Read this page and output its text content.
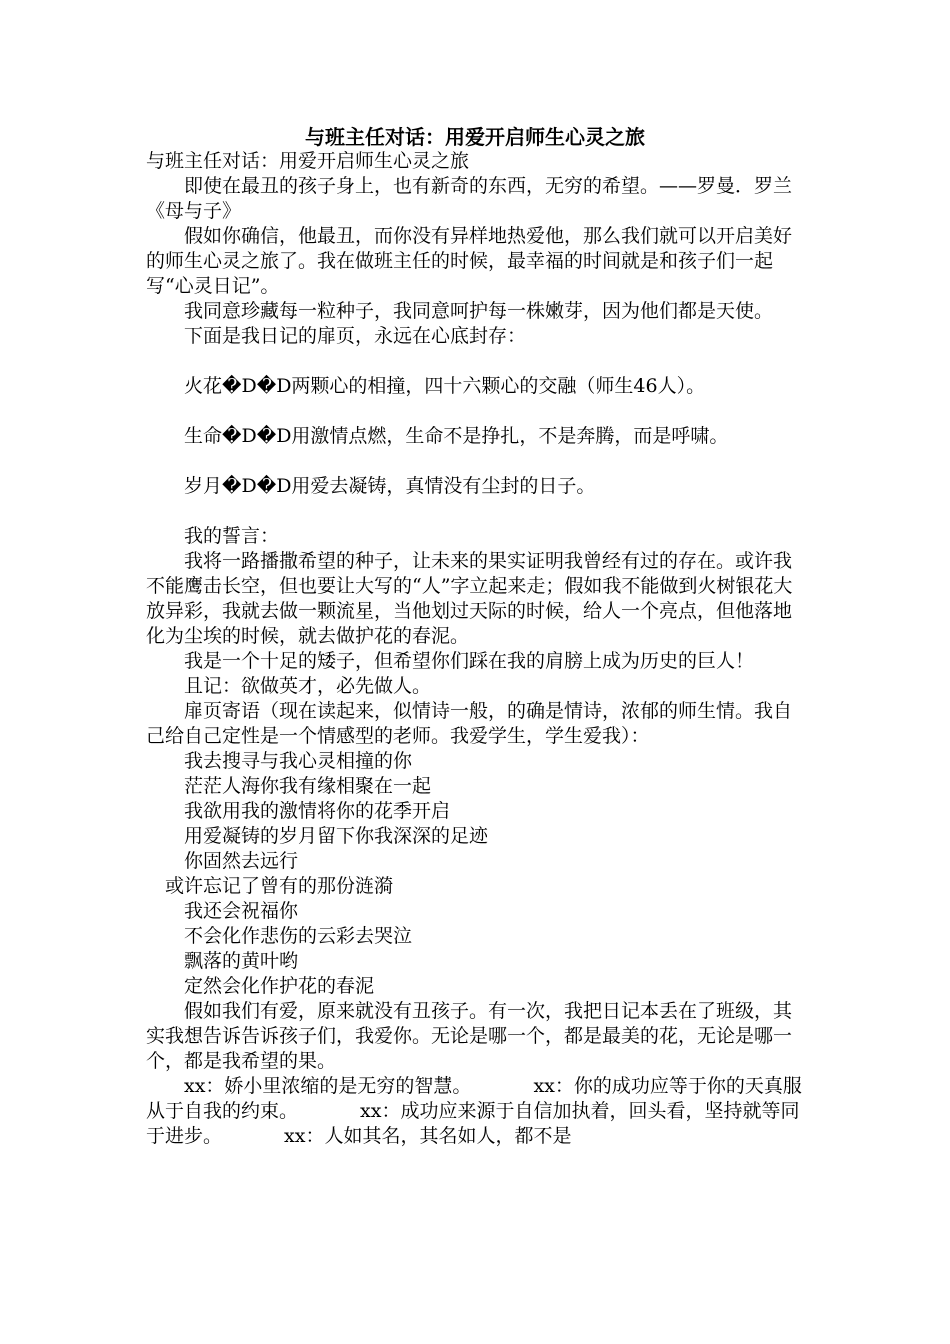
与班主任对话：用爱开启师生心灵之旅

与班主任对话：用爱开启师生心灵之旅

即使在最丑的孩子身上，也有新奇的东西，无穷的希望。——罗曼．罗兰《母与子》

假如你确信，他最丑，而你没有异样地热爱他，那么我们就可以开启美好的师生心灵之旅了。我在做班主任的时候，最幸福的时间就是和孩子们一起写“心灵日记”。

我同意珍藏每一粒种子，我同意呵护每一株嫩芽，因为他们都是天使。

下面是我日记的扉页，永远在心底封存：

火花�D�D两颗心的相撞，四十六颗心的交融（师生46人）。

生命�D�D用激情点燃，生命不是挣扎，不是奔腾，而是呼啸。

岁月�D�D用爱去凝铸，真情没有尘封的日子。

我的誓言：

我将一路播撒希望的种子，让未来的果实证明我曾经有过的存在。或许我不能鹰击长空，但也要让大写的“人”字立起来走；假如我不能做到火树银花大放异彩，我就去做一颗流星，当他划过天际的时候，给人一个亮点，但他落地化为尘埃的时候，就去做护花的春泥。

我是一个十足的矮子，但希望你们踩在我的肩膀上成为历史的巨人！

且记：欲做英才，必先做人。

扉页寄语（现在读起来，似情诗一般，的确是情诗，浓郁的师生情。我自己给自己定性是一个情感型的老师。我爱学生，学生爱我）：

我去搜寻与我心灵相撞的你

茫茫人海你我有缘相聚在一起

我欲用我的激情将你的花季开启

用爱凝铸的岁月留下你我深深的足迹

你固然去远行

或许忘记了曾有的那份涟漪

我还会祝福你

不会化作悲伤的云彩去哭泣

飘落的黄叶哟

定然会化作护花的春泥

假如我们有爱，原来就没有丑孩子。有一次，我把日记本丢在了班级，其实我想告诉告诉孩子们，我爱你。无论是哪一个，都是最美的花，无论是哪一个，都是我希望的果。

xx：娇小里浓缩的是无穷的智慧。	xx：你的成功应等于你的天真服从于自我的约束。	xx：成功应来源于自信加执着，回头看，坚持就等同于进步。	xx：人如其名，其名如人，都不是
